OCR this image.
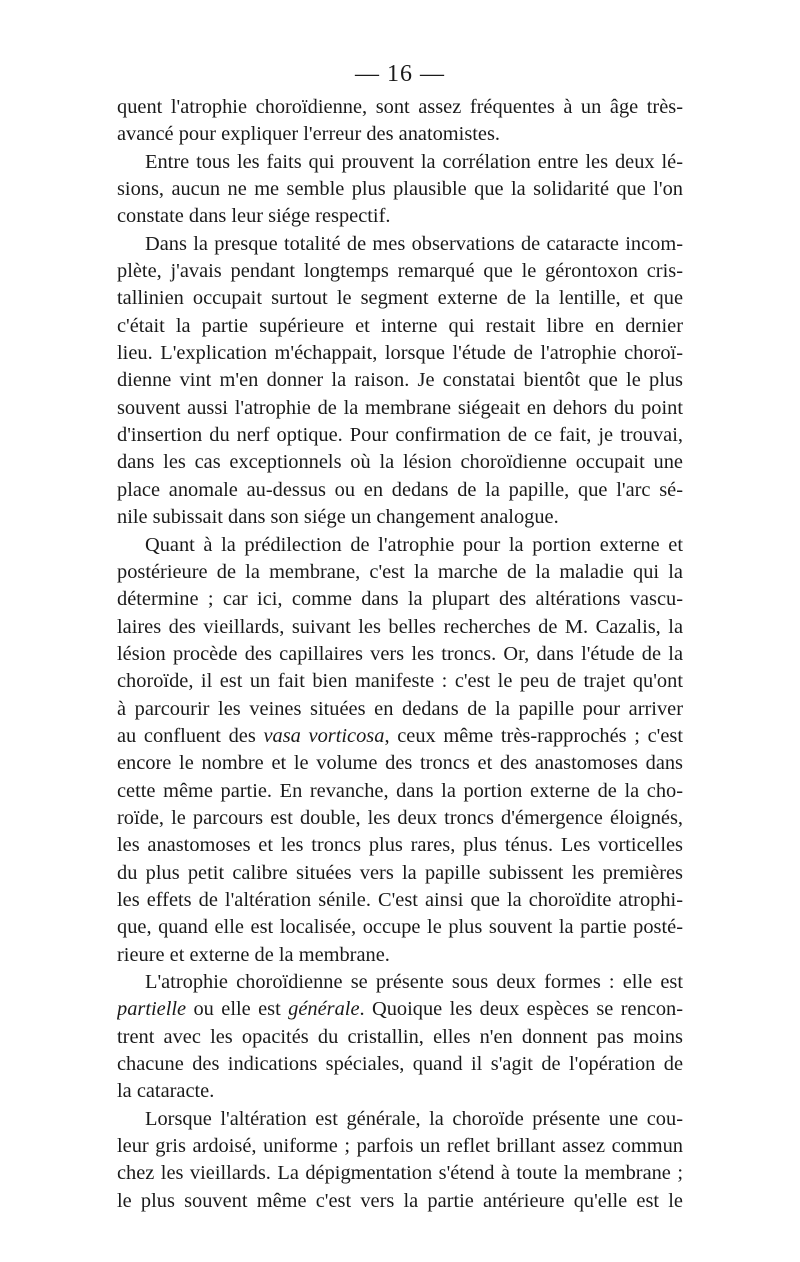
— 16 —

quent l'atrophie choroïdienne, sont assez fréquentes à un âge très-
avancé pour expliquer l'erreur des anatomistes.

Entre tous les faits qui prouvent la corrélation entre les deux lé-
sions, aucun ne me semble plus plausible que la solidarité que l'on
constate dans leur siége respectif.

Dans la presque totalité de mes observations de cataracte incom-
plète, j'avais pendant longtemps remarqué que le gérontoxon cris-
tallinien occupait surtout le segment externe de la lentille, et que
c'était la partie supérieure et interne qui restait libre en dernier
lieu. L'explication m'échappait, lorsque l'étude de l'atrophie choroï-
dienne vint m'en donner la raison. Je constatai bientôt que le plus
souvent aussi l'atrophie de la membrane siégeait en dehors du point
d'insertion du nerf optique. Pour confirmation de ce fait, je trouvai,
dans les cas exceptionnels où la lésion choroïdienne occupait une
place anomale au-dessus ou en dedans de la papille, que l'arc sé-
nile subissait dans son siége un changement analogue.

Quant à la prédilection de l'atrophie pour la portion externe et
postérieure de la membrane, c'est la marche de la maladie qui la
détermine ; car ici, comme dans la plupart des altérations vascu-
laires des vieillards, suivant les belles recherches de M. Cazalis, la
lésion procède des capillaires vers les troncs. Or, dans l'étude de la
choroïde, il est un fait bien manifeste : c'est le peu de trajet qu'ont
à parcourir les veines situées en dedans de la papille pour arriver
au confluent des vasa vorticosa, ceux même très-rapprochés ; c'est
encore le nombre et le volume des troncs et des anastomoses dans
cette même partie. En revanche, dans la portion externe de la cho-
roïde, le parcours est double, les deux troncs d'émergence éloignés,
les anastomoses et les troncs plus rares, plus ténus. Les vorticelles
du plus petit calibre situées vers la papille subissent les premières
les effets de l'altération sénile. C'est ainsi que la choroïdite atrophi-
que, quand elle est localisée, occupe le plus souvent la partie posté-
rieure et externe de la membrane.

L'atrophie choroïdienne se présente sous deux formes : elle est
partielle ou elle est générale. Quoique les deux espèces se rencon-
trent avec les opacités du cristallin, elles n'en donnent pas moins
chacune des indications spéciales, quand il s'agit de l'opération de
la cataracte.

Lorsque l'altération est générale, la choroïde présente une cou-
leur gris ardoisé, uniforme ; parfois un reflet brillant assez commun
chez les vieillards. La dépigmentation s'étend à toute la membrane ;
le plus souvent même c'est vers la partie antérieure qu'elle est le
